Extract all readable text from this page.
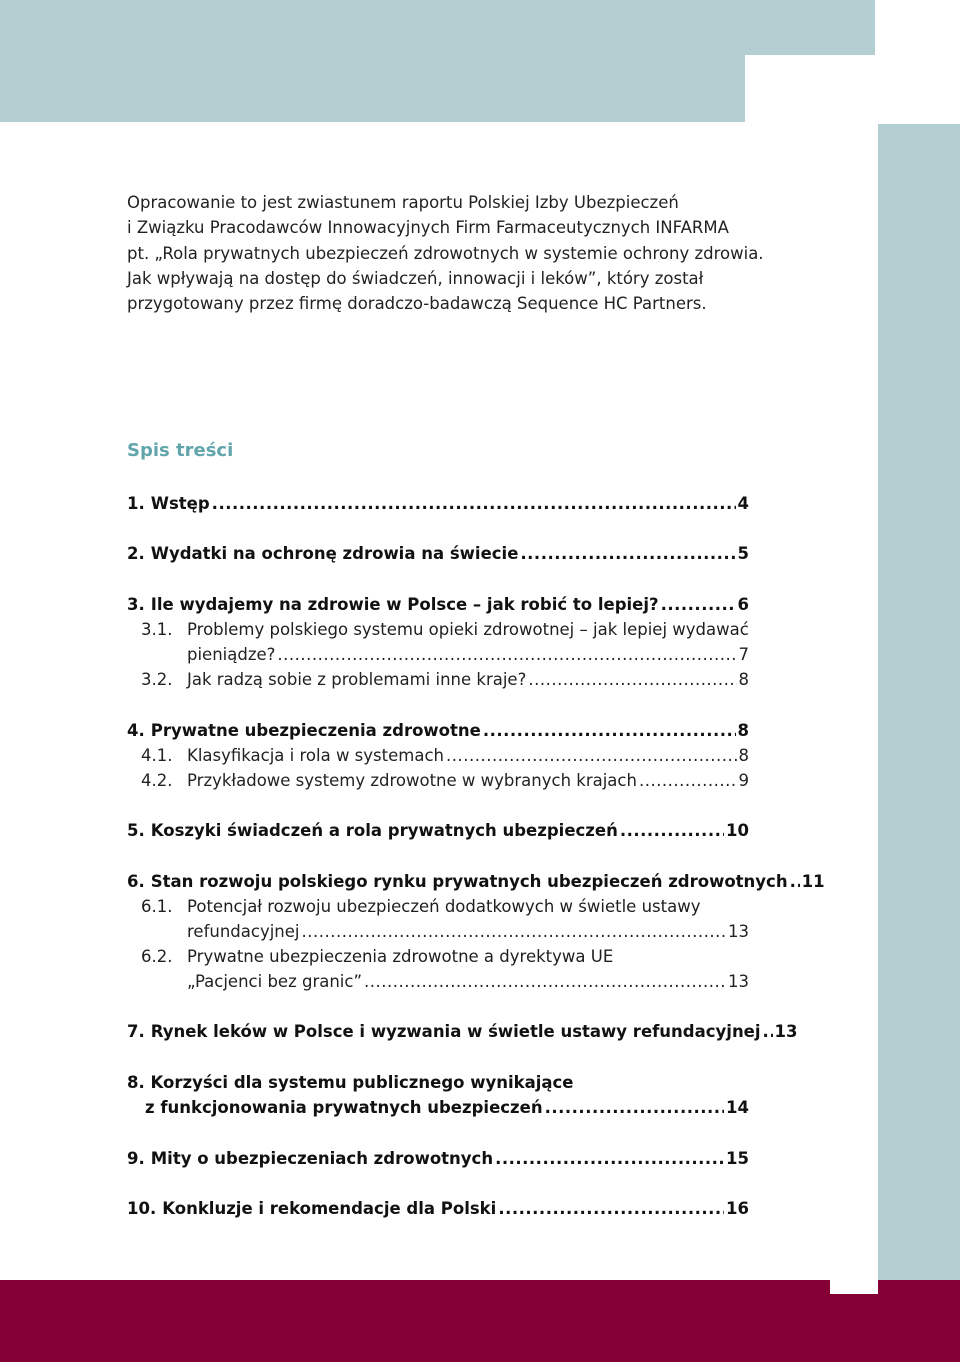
3

Opracowanie to jest zwiastunem raportu Polskiej Izby Ubezpieczeń

i Związku Pracodawców Innowacyjnych Firm Farmaceutycznych INFARMA

pt. „Rola prywatnych ubezpieczeń zdrowotnych w systemie ochrony zdrowia.

Jak wpływają na dostęp do świadczeń, innowacji i leków”, który został

przygotowany przez firmę doradczo-badawczą Sequence HC Partners.

Spis treści
1. Wstęp .....	4
2. Wydatki na ochronę zdrowia na świecie .....	5
3. Ile wydajemy na zdrowie w Polsce – jak robić to lepiej? .....	6
3.1. Problemy polskiego systemu opieki zdrowotnej – jak lepiej wydawać
pieniądze? .....	7
3.2. Jak radzą sobie z problemami inne kraje? .....	8
4. Prywatne ubezpieczenia zdrowotne .....	8
4.1. Klasyfikacja i rola w systemach .....	8
4.2. Przykładowe systemy zdrowotne w wybranych krajach .....	9
5. Koszyki świadczeń a rola prywatnych ubezpieczeń .....	10
6. Stan rozwoju polskiego rynku prywatnych ubezpieczeń zdrowotnych ..... 11
6.1. Potencjał rozwoju ubezpieczeń dodatkowych w świetle ustawy
refundacyjnej .....	13
6.2. Prywatne ubezpieczenia zdrowotne a dyrektywa UE
„Pacjenci bez granic” .....	13
7. Rynek leków w Polsce i wyzwania w świetle ustawy refundacyjnej ..... 13
8. Korzyści dla systemu publicznego wynikające
z funkcjonowania prywatnych ubezpieczeń .....	14
9. Mity o ubezpieczeniach zdrowotnych .....	15
10. Konkluzje i rekomendacje dla Polski .....	16
